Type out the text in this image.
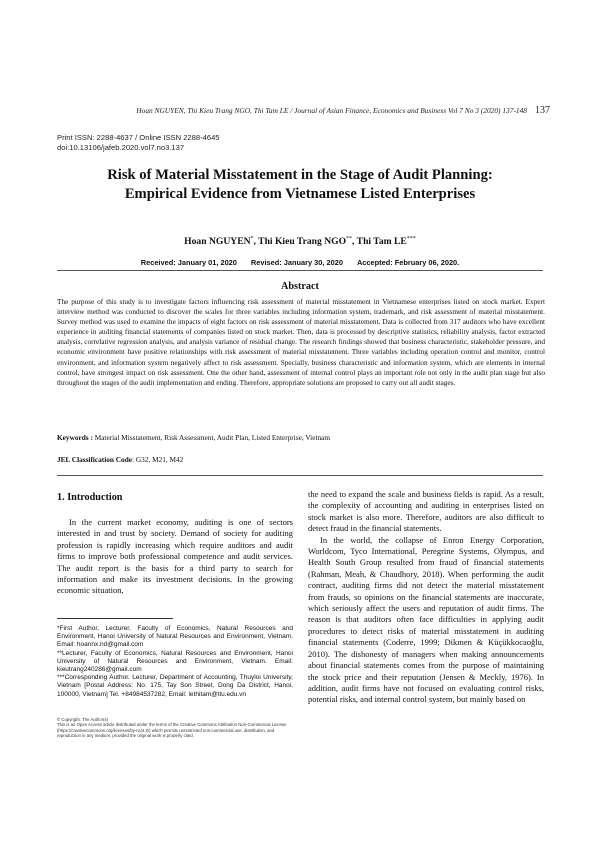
Hoan NGUYEN, Thi Kieu Trang NGO, Thi Tam LE / Journal of Asian Finance, Economics and Business Vol 7 No 3 (2020) 137-148 137
Print ISSN: 2288-4637 / Online ISSN 2288-4645
doi:10.13106/jafeb.2020.vol7.no3.137
Risk of Material Misstatement in the Stage of Audit Planning:
Empirical Evidence from Vietnamese Listed Enterprises
Hoan NGUYEN*, Thi Kieu Trang NGO**, Thi Tam LE***
Received: January 01, 2020 Revised: January 30, 2020 Accepted: February 06, 2020.
Abstract
The purpose of this study is to investigate factors influencing risk assessment of material misstatement in Vietnamese enterprises listed on stock market. Expert interview method was conducted to discover the scales for three variables including information system, trademark, and risk assessment of material misstatement. Survey method was used to examine the impacts of eight factors on risk assessment of material misstatement. Data is collected from 317 auditors who have excellent experience in auditing financial statements of companies listed on stock market. Then, data is processed by descriptive statistics, reliability analysis, factor extracted analysis, correlative regression analysis, and analysis variance of residual change. The research findings showed that business characteristic, stakeholder pressure, and economic environment have positive relationships with risk assessment of material misstatement. Three variables including operation control and monitor, control environment, and information system negatively affect to risk assessment. Specially, business characteristic and information system, which are elements in internal control, have strongest impact on risk assessment. One the other hand, assessment of internal control plays an important role not only in the audit plan stage but also throughout the stages of the audit implementation and ending. Therefore, appropriate solutions are proposed to carry out all audit stages.
Keywords : Material Misstatement, Risk Assessment, Audit Plan, Listed Enterprise, Vietnam
JEL Classification Code: G32, M21, M42
1. Introduction

In the current market economy, auditing is one of sectors interested in and trust by society. Demand of society for auditing profession is rapidly increasing which require auditors and audit firms to improve both professional competence and audit services. The audit report is the basis for a third party to search for information and make its investment decisions. In the growing economic situation,

*First Author, Lecturer, Faculty of Economics, Natural Resources and Environment, Hanoi University of Natural Resources and Environment, Vietnam. Email: hoannx.nd@gmail.com

**Lecturer, Faculty of Economics, Natural Resources and Environment, Hanoi University of Natural Resources and Environment, Vietnam. Email: kieutrang240286@gmail.com

***Corresponding Author. Lecturer, Department of Accounting, Thuyloi University, Vietnam [Postal Address: No. 175, Tay Son Street, Dong Da District, Hanoi, 100000, Vietnam] Tel. +84984537282, Email: lethitam@tlu.edu.vn

© Copyright: The Author(s)

This is an Open Access article distributed under the terms of the Creative Commons Attribution Non-Commercial License (https://creativecommons.org/licenses/by-nc/4.0/) which permits unrestricted non-commercial use, distribution, and reproduction in any medium, provided the original work is properly cited.

the need to expand the scale and business fields is rapid. As a result, the complexity of accounting and auditing in enterprises listed on stock market is also more. Therefore, auditors are also difficult to detect fraud in the financial statements.

In the world, the collapse of Enron Energy Corporation, Worldcom, Tyco International, Peregrine Systems, Olympus, and Health South Group resulted from fraud of financial statements (Rahman, Meah, & Chaudhory, 2018). When performing the audit contract, auditing firms did not detect the material misstatement from frauds, so opinions on the financial statements are inaccurate, which seriously affect the users and reputation of audit firms. The reason is that auditors often face difficulties in applying audit procedures to detect risks of material misstatement in auditing financial statements (Coderre, 1999; Dikmen & Küçükkocaoğlu, 2010). The dishonesty of managers when making announcements about financial statements comes from the purpose of maintaining the stock price and their reputation (Jensen & Meckly, 1976). In addition, audit firms have not focused on evaluating control risks, potential risks, and internal control system, but mainly based on
